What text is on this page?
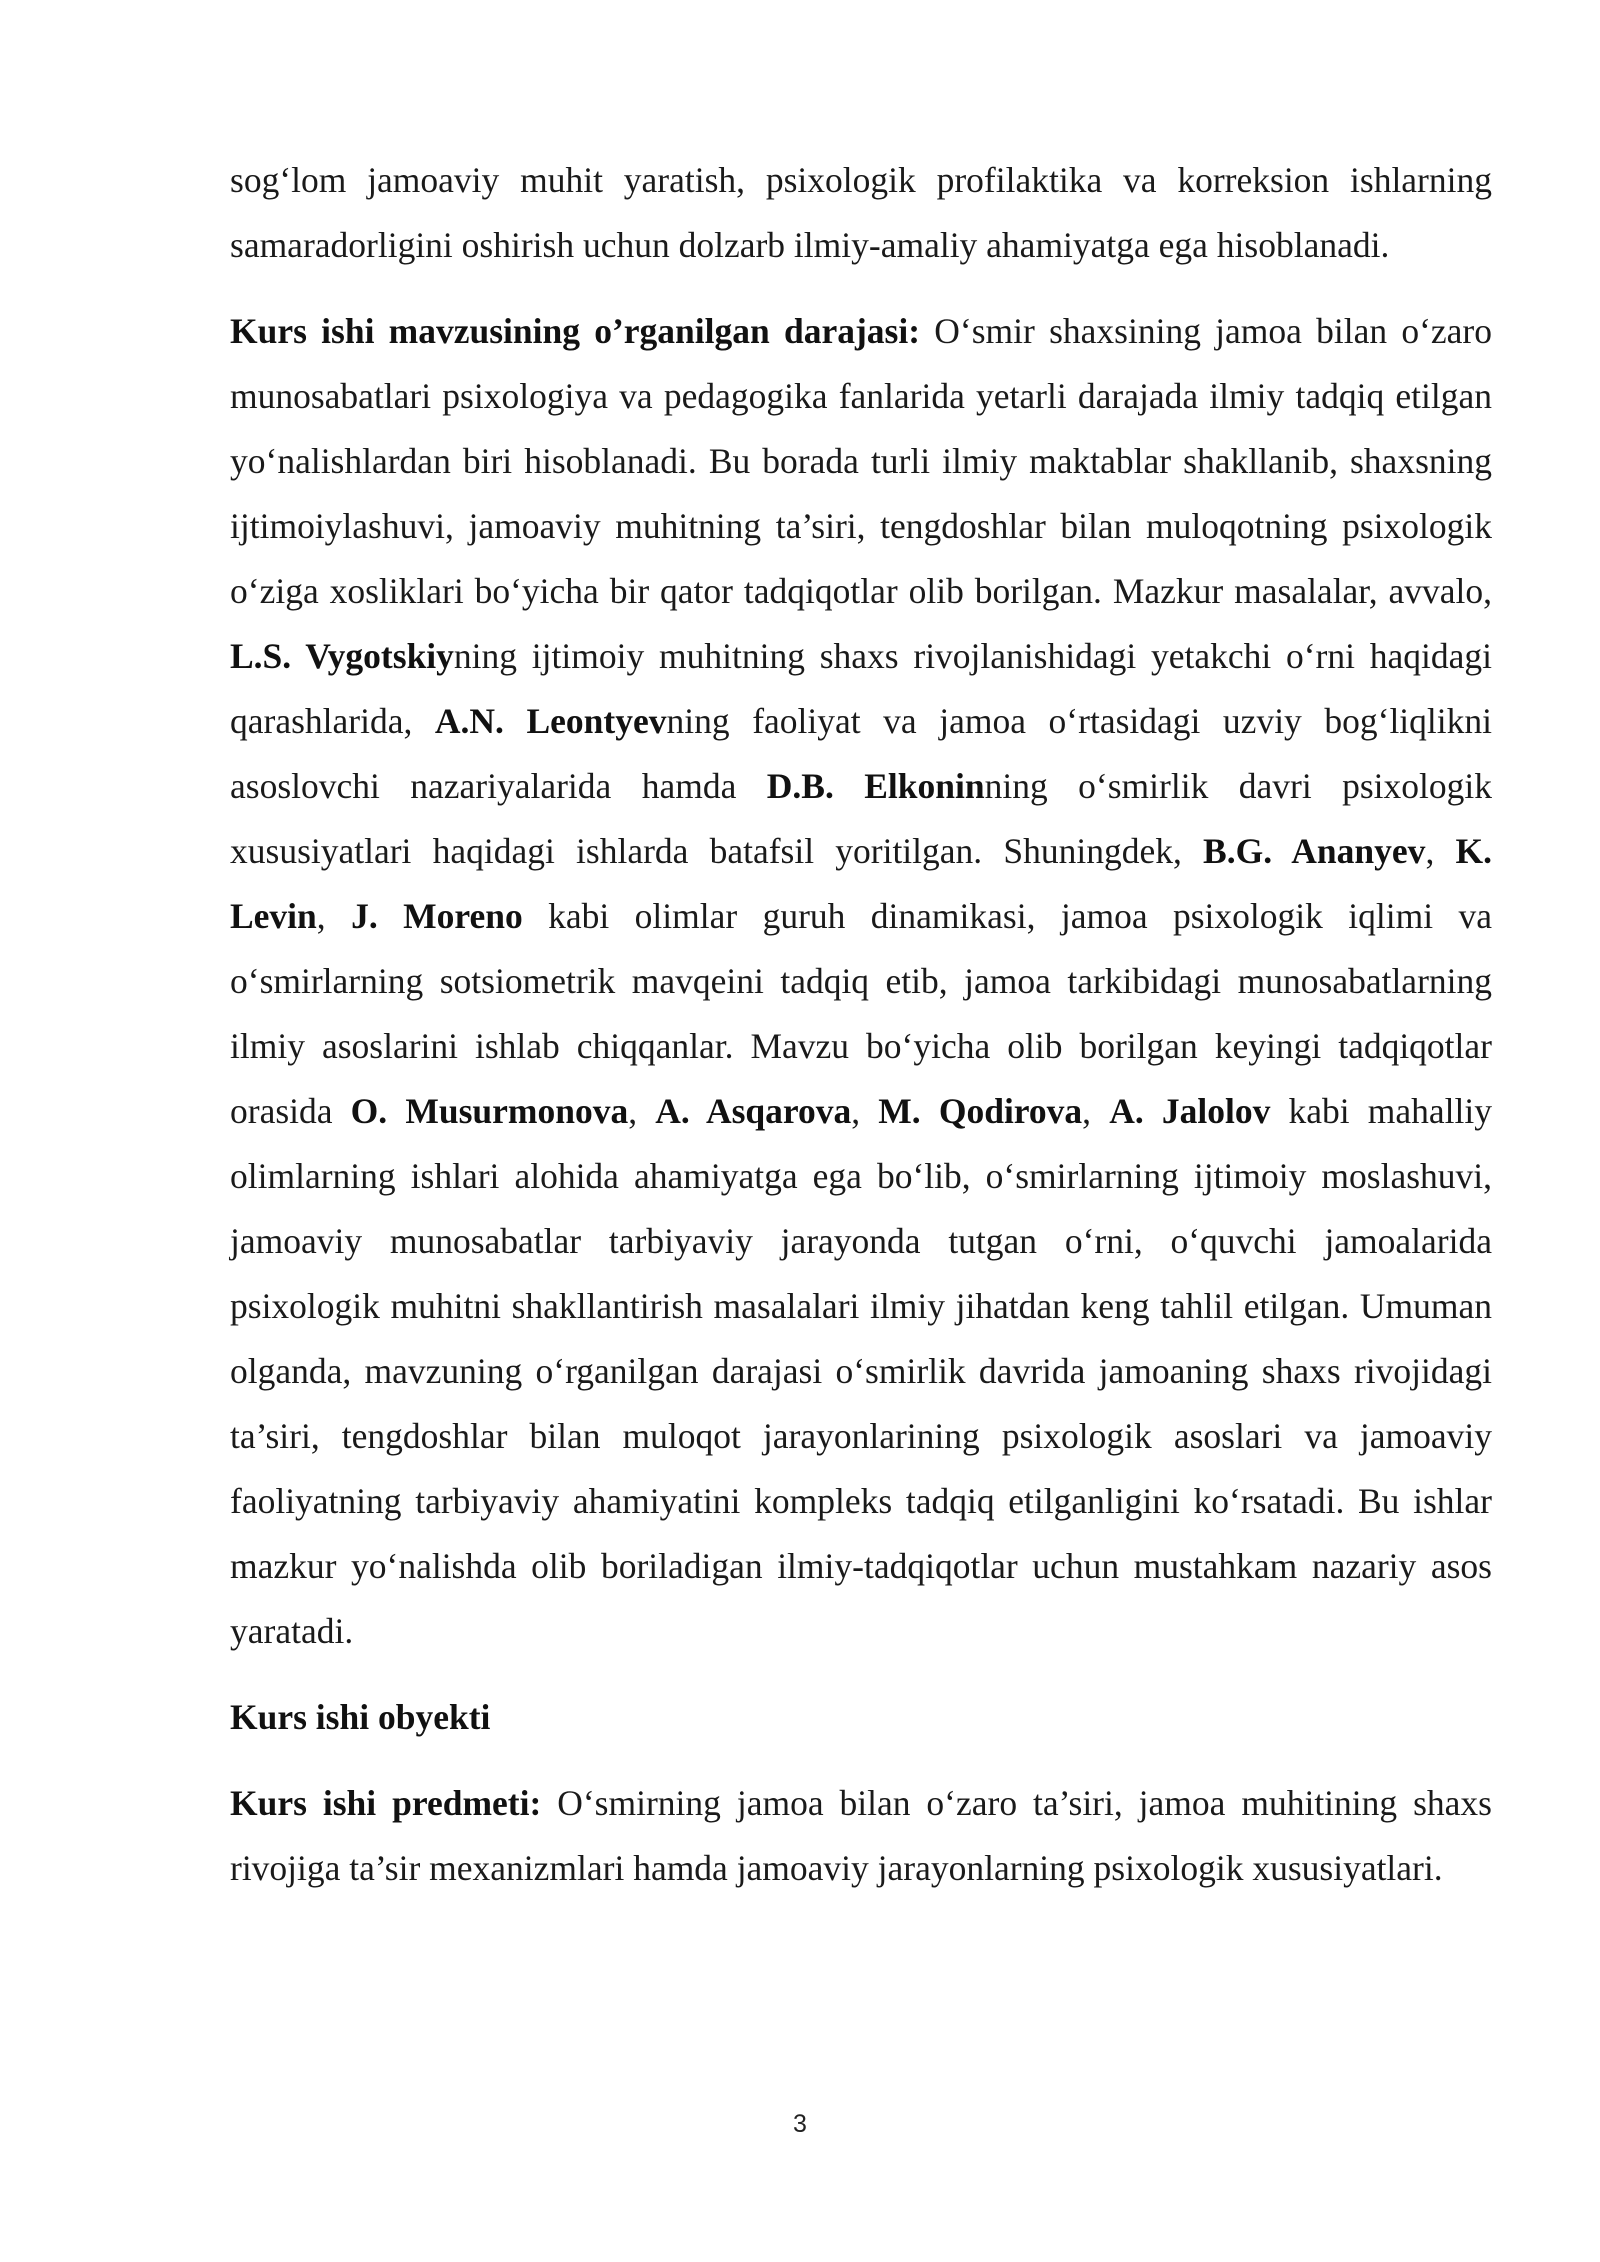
sog‘lom jamoaviy muhit yaratish, psixologik profilaktika va korreksion ishlarning samaradorligini oshirish uchun dolzarb ilmiy-amaliy ahamiyatga ega hisoblanadi.

Kurs ishi mavzusining o’rganilgan darajasi: O‘smir shaxsining jamoa bilan o‘zaro munosabatlari psixologiya va pedagogika fanlarida yetarli darajada ilmiy tadqiq etilgan yo‘nalishlardan biri hisoblanadi. Bu borada turli ilmiy maktablar shakllanib, shaxsning ijtimoiylashuvi, jamoaviy muhitning ta’siri, tengdoshlar bilan muloqotning psixologik o‘ziga xosliklari bo‘yicha bir qator tadqiqotlar olib borilgan. Mazkur masalalar, avvalo, L.S. Vygotskiyning ijtimoiy muhitning shaxs rivojlanishidagi yetakchi o‘rni haqidagi qarashlarida, A.N. Leontyevning faoliyat va jamoa o‘rtasidagi uzviy bog‘liqlikni asoslovchi nazariyalarida hamda D.B. Elkoninning o‘smirlik davri psixologik xususiyatlari haqidagi ishlarda batafsil yoritilgan. Shuningdek, B.G. Ananyev, K. Levin, J. Moreno kabi olimlar guruh dinamikasi, jamoa psixologik iqlimi va o‘smirlarning sotsiometrik mavqeini tadqiq etib, jamoa tarkibidagi munosabatlarning ilmiy asoslarini ishlab chiqqanlar. Mavzu bo‘yicha olib borilgan keyingi tadqiqotlar orasida O. Musurmonova, A. Asqarova, M. Qodirova, A. Jalolov kabi mahalliy olimlarning ishlari alohida ahamiyatga ega bo‘lib, o‘smirlarning ijtimoiy moslashuvi, jamoaviy munosabatlar tarbiyaviy jarayonda tutgan o‘rni, o‘quvchi jamoalarida psixologik muhitni shakllantirish masalalari ilmiy jihatdan keng tahlil etilgan. Umuman olganda, mavzuning o‘rganilgan darajasi o‘smirlik davrida jamoaning shaxs rivojidagi ta’siri, tengdoshlar bilan muloqot jarayonlarining psixologik asoslari va jamoaviy faoliyatning tarbiyaviy ahamiyatini kompleks tadqiq etilganligini ko‘rsatadi. Bu ishlar mazkur yo‘nalishda olib boriladigan ilmiy-tadqiqotlar uchun mustahkam nazariy asos yaratadi.

Kurs ishi obyekti

Kurs ishi predmeti: O‘smirning jamoa bilan o‘zaro ta’siri, jamoa muhitining shaxs rivojiga ta’sir mexanizmlari hamda jamoaviy jarayonlarning psixologik xususiyatlari.

3
